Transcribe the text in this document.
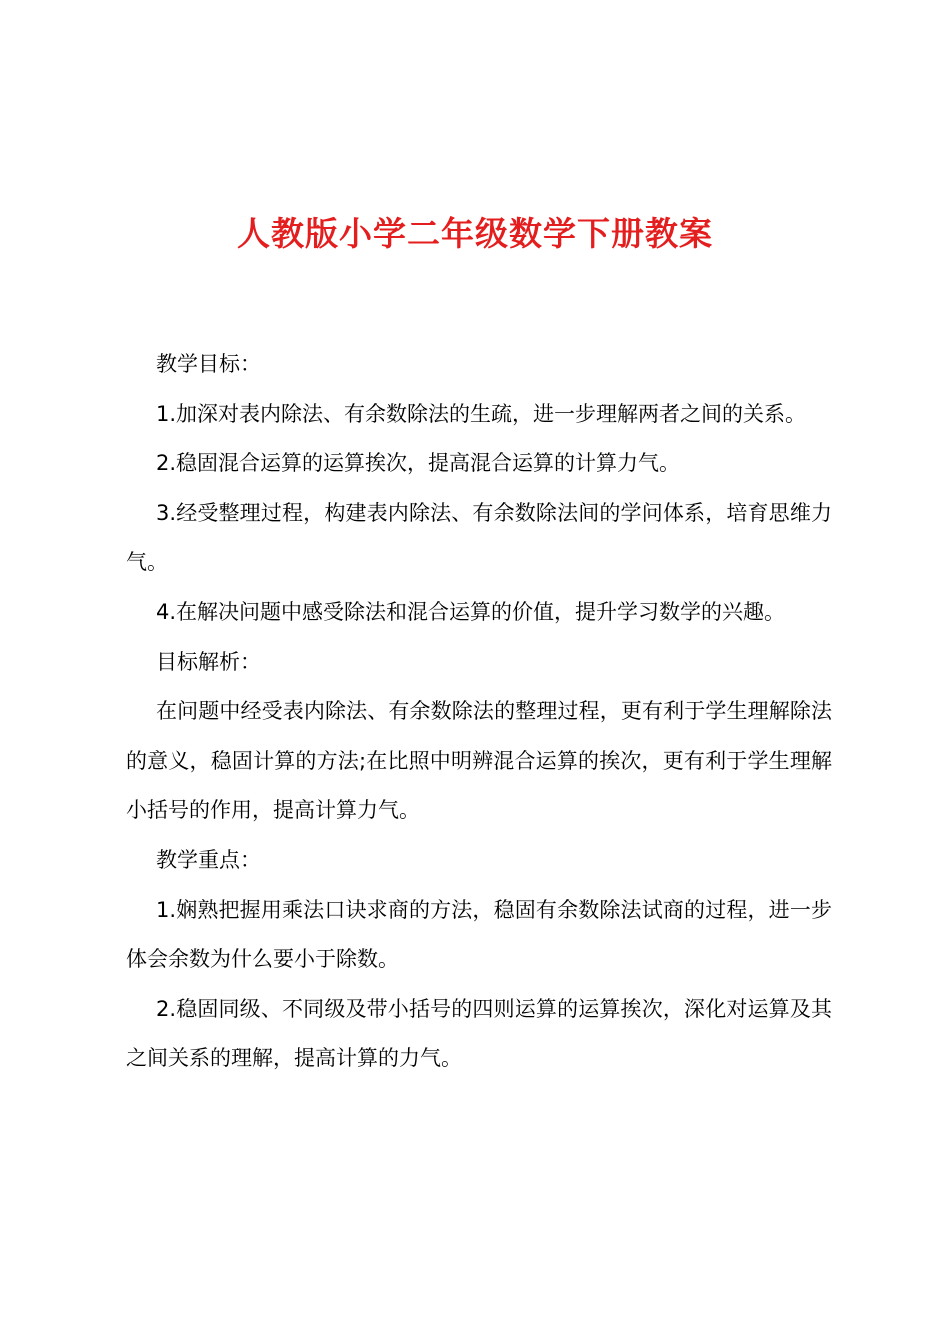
人教版小学二年级数学下册教案

教学目标：

1.加深对表内除法、有余数除法的生疏，进一步理解两者之间的关系。

2.稳固混合运算的运算挨次，提高混合运算的计算力气。

3.经受整理过程，构建表内除法、有余数除法间的学问体系，培育思维力气。

4.在解决问题中感受除法和混合运算的价值，提升学习数学的兴趣。

目标解析：

在问题中经受表内除法、有余数除法的整理过程，更有利于学生理解除法的意义，稳固计算的方法;在比照中明辨混合运算的挨次，更有利于学生理解小括号的作用，提高计算力气。

教学重点：

1.娴熟把握用乘法口诀求商的方法，稳固有余数除法试商的过程，进一步体会余数为什么要小于除数。

2.稳固同级、不同级及带小括号的四则运算的运算挨次，深化对运算及其之间关系的理解，提高计算的力气。
